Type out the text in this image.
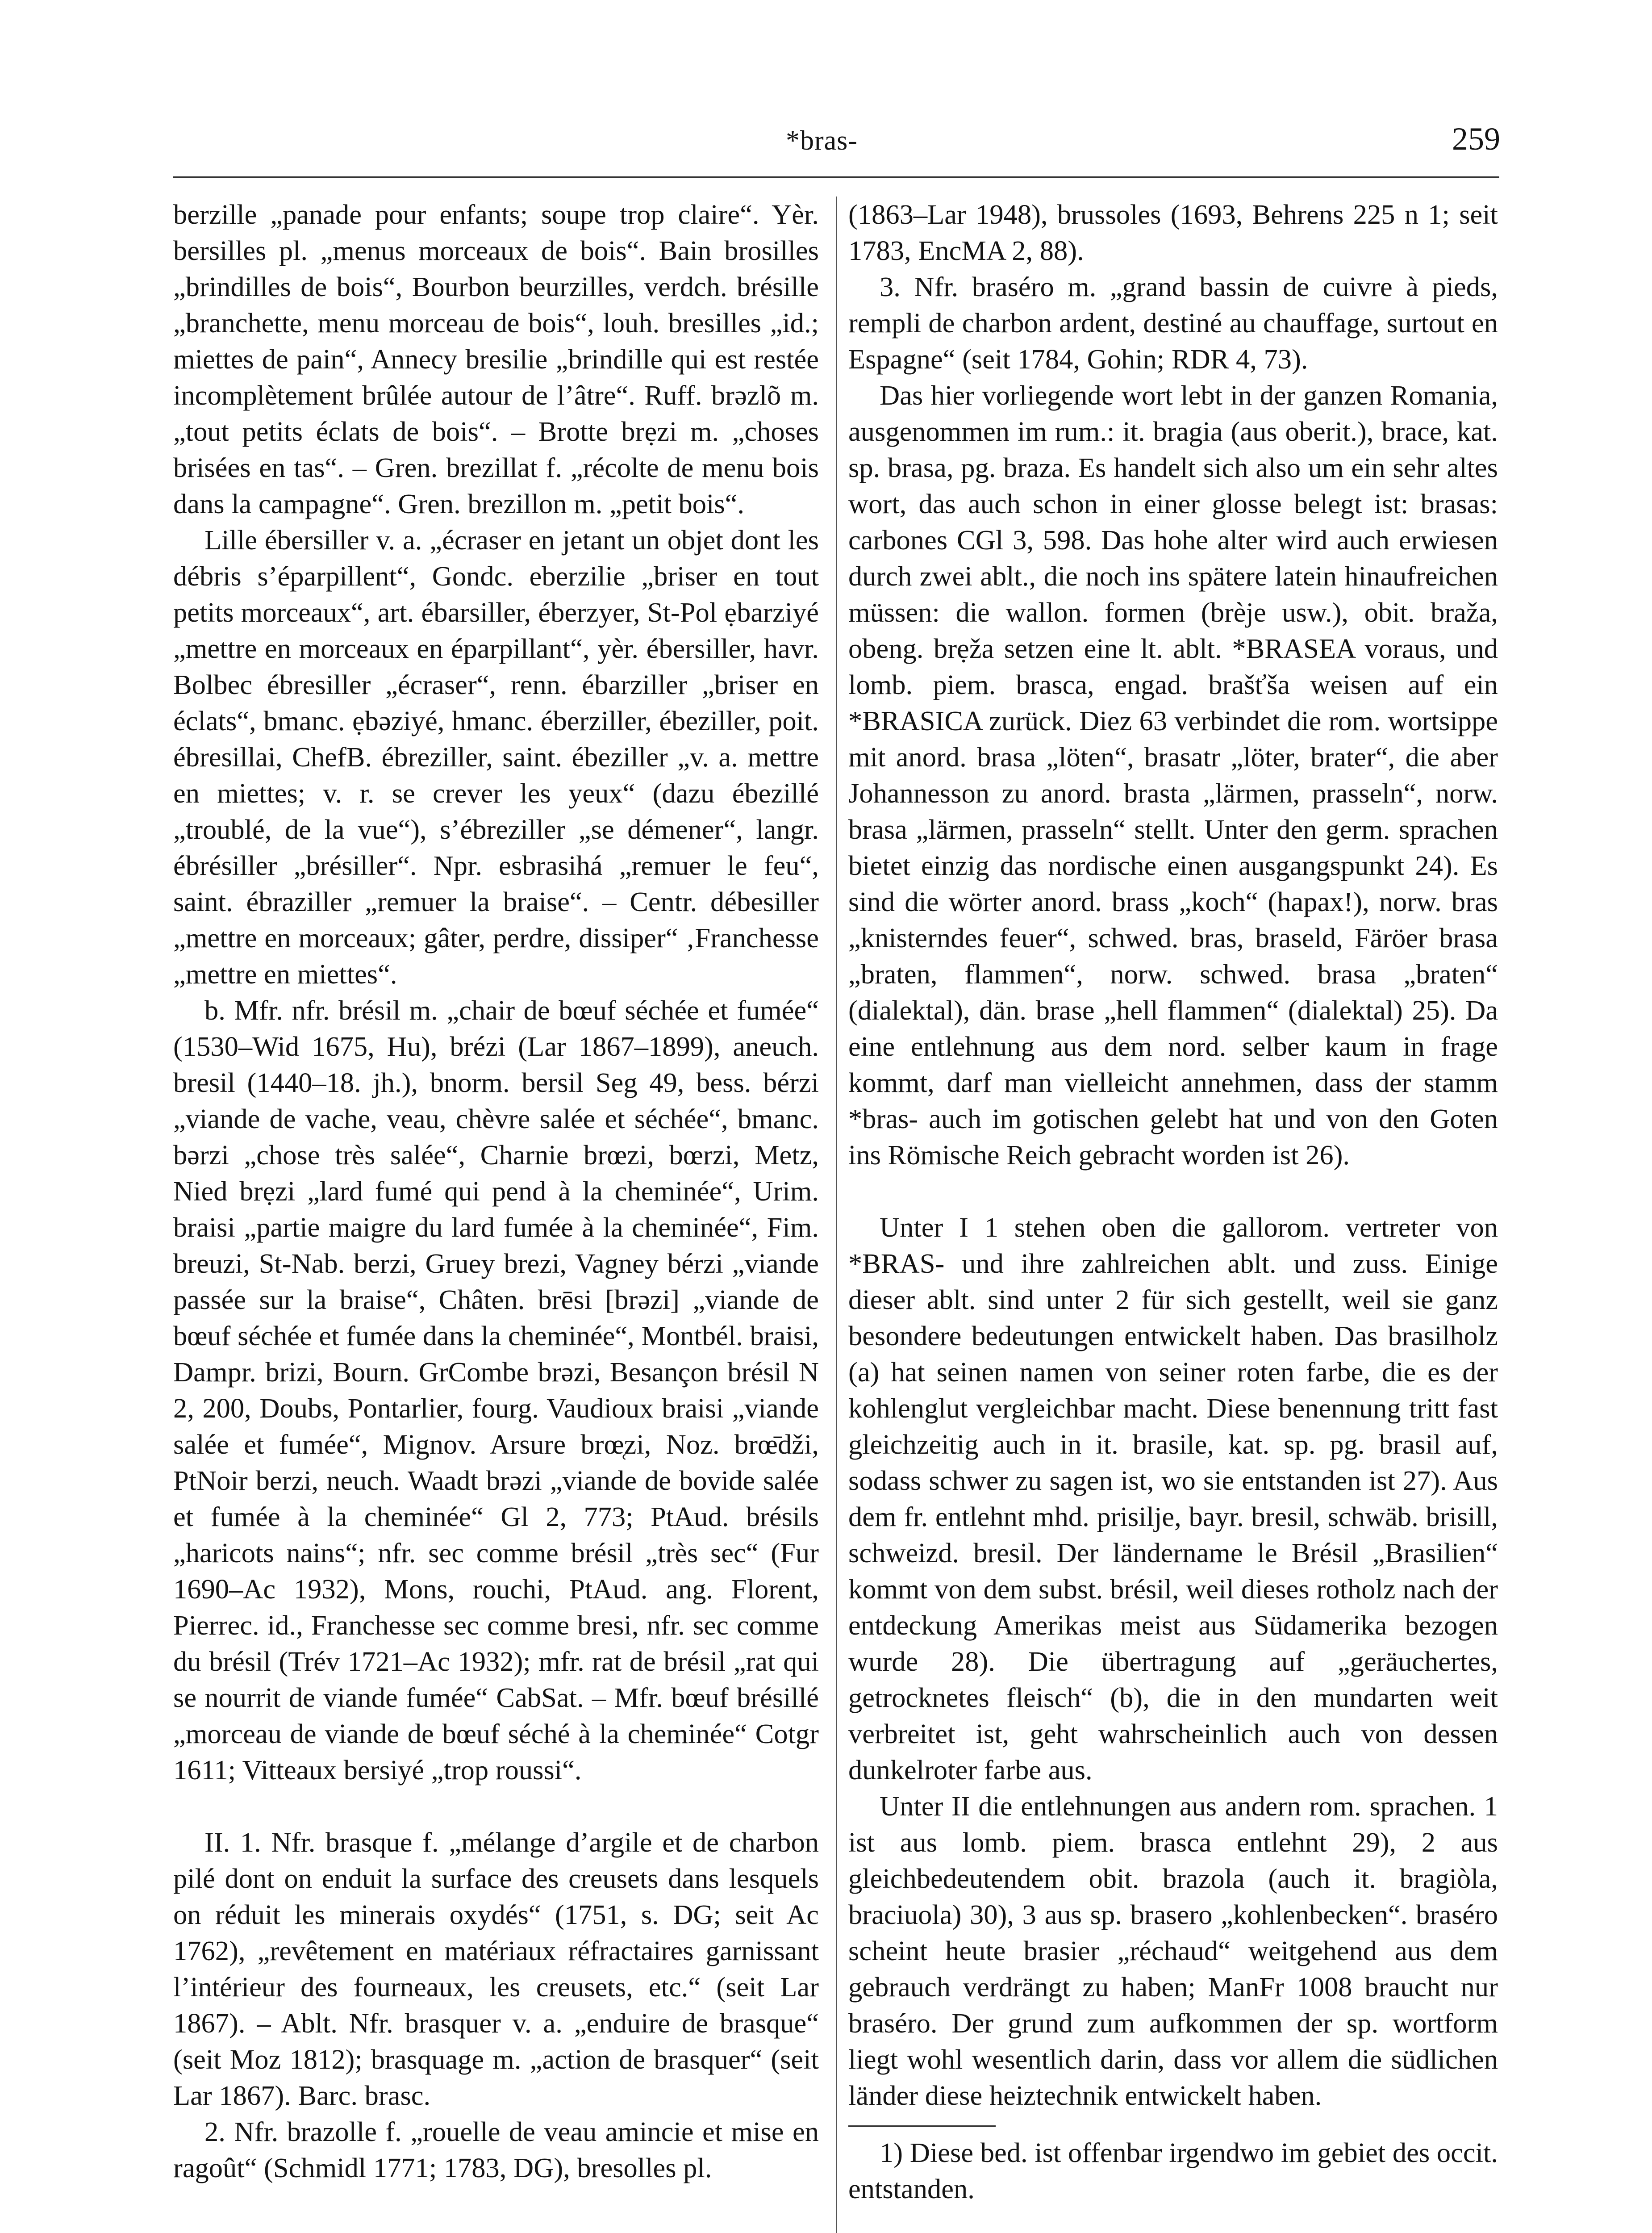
*bras-	259

berzille „panade pour enfants; soupe trop claire“. Yèr. bersilles pl. „menus morceaux de bois“. Bain brosilles „brindilles de bois“, Bourbon beurzilles, verdch. brésille „branchette, menu morceau de bois“, louh. bresilles „id.; miettes de pain“, Annecy bresilie „brindille qui est restée incomplètement brûlée autour de l’âtre“. Ruff. brəzlõ m. „tout petits éclats de bois“. – Brotte brẹzi m. „choses brisées en tas“. – Gren. brezillat f. „récolte de menu bois dans la campagne“. Gren. brezillon m. „petit bois“.

Lille ébersiller v. a. „écraser en jetant un objet dont les débris s’éparpillent“, Gondc. eberzilie „briser en tout petits morceaux“, art. ébarsiller, éberzyer, St-Pol ẹbarziyé „mettre en morceaux en éparpillant“, yèr. ébersiller, havr. Bolbec ébresiller „écraser“, renn. ébarziller „briser en éclats“, bmanc. ẹbəziyé, hmanc. éberziller, ébeziller, poit. ébresillai, ChefB. ébreziller, saint. ébeziller „v. a. mettre en miettes; v. r. se crever les yeux“ (dazu ébezillé „troublé, de la vue“), s’ébreziller „se démener“, langr. ébrésiller „brésiller“. Npr. esbrasihá „remuer le feu“, saint. ébraziller „remuer la braise“. – Centr. débesiller „mettre en morceaux; gâter, perdre, dissiper“ ‚Franchesse „mettre en miettes“.

b. Mfr. nfr. brésil m. „chair de bœuf séchée et fumée“ (1530–Wid 1675, Hu), brézi (Lar 1867–1899), aneuch. bresil (1440–18. jh.), bnorm. bersil Seg 49, bess. bérzi „viande de vache, veau, chèvre salée et séchée“, bmanc. bərzi „chose très salée“, Charnie brœzi, bœrzi, Metz, Nied brẹzi „lard fumé qui pend à la cheminée“, Urim. braisi „partie maigre du lard fumée à la cheminée“, Fim. breuzi, St-Nab. berzi, Gruey brezi, Vagney bérzi „viande passée sur la braise“, Châten. brēsi [brəzi] „viande de bœuf séchée et fumée dans la cheminée“, Montbél. braisi, Dampr. brizi, Bourn. GrCombe brəzi, Besançon brésil N 2, 200, Doubs, Pontarlier, fourg. Vaudioux braisi „viande salée et fumée“, Mignov. Arsure brœ̜zi, Noz. brœ̄dži, PtNoir berzi, neuch. Waadt brəzi „viande de bovide salée et fumée à la cheminée“ Gl 2, 773; PtAud. brésils „haricots nains“; nfr. sec comme brésil „très sec“ (Fur 1690–Ac 1932), Mons, rouchi, PtAud. ang. Florent, Pierrec. id., Franchesse sec comme bresi, nfr. sec comme du brésil (Trév 1721–Ac 1932); mfr. rat de brésil „rat qui se nourrit de viande fumée“ CabSat. – Mfr. bœuf brésillé „morceau de viande de bœuf séché à la cheminée“ Cotgr 1611; Vitteaux bersiyé „trop roussi“.

II. 1. Nfr. brasque f. „mélange d’argile et de charbon pilé dont on enduit la surface des creusets dans lesquels on réduit les minerais oxydés“ (1751, s. DG; seit Ac 1762), „revêtement en matériaux réfractaires garnissant l’intérieur des fourneaux, les creusets, etc.“ (seit Lar 1867). – Ablt. Nfr. brasquer v. a. „enduire de brasque“ (seit Moz 1812); brasquage m. „action de brasquer“ (seit Lar 1867). Barc. brasc.

2. Nfr. brazolle f. „rouelle de veau amincie et mise en ragoût“ (Schmidl 1771; 1783, DG), bresolles pl.

(1863–Lar 1948), brussoles (1693, Behrens 225 n 1; seit 1783, EncMA 2, 88).

3. Nfr. braséro m. „grand bassin de cuivre à pieds, rempli de charbon ardent, destiné au chauffage, surtout en Espagne“ (seit 1784, Gohin; RDR 4, 73).

Das hier vorliegende wort lebt in der ganzen Romania, ausgenommen im rum.: it. bragia (aus oberit.), brace, kat. sp. brasa, pg. braza. Es handelt sich also um ein sehr altes wort, das auch schon in einer glosse belegt ist: brasas: carbones CGl 3, 598. Das hohe alter wird auch erwiesen durch zwei ablt., die noch ins spätere latein hinaufreichen müssen: die wallon. formen (brèje usw.), obit. braža, obeng. brẹža setzen eine lt. ablt. *BRASEA voraus, und lomb. piem. brasca, engad. brašťša weisen auf ein *BRASICA zurück. Diez 63 verbindet die rom. wortsippe mit anord. brasa „löten“, brasatr „löter, brater“, die aber Johannesson zu anord. brasta „lärmen, prasseln“, norw. brasa „lärmen, prasseln“ stellt. Unter den germ. sprachen bietet einzig das nordische einen ausgangspunkt 24). Es sind die wörter anord. brass „koch“ (hapax!), norw. bras „knisterndes feuer“, schwed. bras, braseld, Färöer brasa „braten, flammen“, norw. schwed. brasa „braten“ (dialektal), dän. brase „hell flammen“ (dialektal) 25). Da eine entlehnung aus dem nord. selber kaum in frage kommt, darf man vielleicht annehmen, dass der stamm *bras- auch im gotischen gelebt hat und von den Goten ins Römische Reich gebracht worden ist 26).

Unter I 1 stehen oben die gallorom. vertreter von *BRAS- und ihre zahlreichen ablt. und zuss. Einige dieser ablt. sind unter 2 für sich gestellt, weil sie ganz besondere bedeutungen entwickelt haben. Das brasilholz (a) hat seinen namen von seiner roten farbe, die es der kohlenglut vergleichbar macht. Diese benennung tritt fast gleichzeitig auch in it. brasile, kat. sp. pg. brasil auf, sodass schwer zu sagen ist, wo sie entstanden ist 27). Aus dem fr. entlehnt mhd. prisilje, bayr. bresil, schwäb. brisill, schweizd. bresil. Der ländername le Brésil „Brasilien“ kommt von dem subst. brésil, weil dieses rotholz nach der entdeckung Amerikas meist aus Südamerika bezogen wurde 28). Die übertragung auf „geräuchertes, getrocknetes fleisch“ (b), die in den mundarten weit verbreitet ist, geht wahrscheinlich auch von dessen dunkelroter farbe aus.

Unter II die entlehnungen aus andern rom. sprachen. 1 ist aus lomb. piem. brasca entlehnt 29), 2 aus gleichbedeutendem obit. brazola (auch it. bragiòla, braciuola) 30), 3 aus sp. brasero „kohlenbecken“. braséro scheint heute brasier „réchaud“ weitgehend aus dem gebrauch verdrängt zu haben; ManFr 1008 braucht nur braséro. Der grund zum aufkommen der sp. wortform liegt wohl wesentlich darin, dass vor allem die südlichen länder diese heiztechnik entwickelt haben.

1) Diese bed. ist offenbar irgendwo im gebiet des occit. entstanden.
